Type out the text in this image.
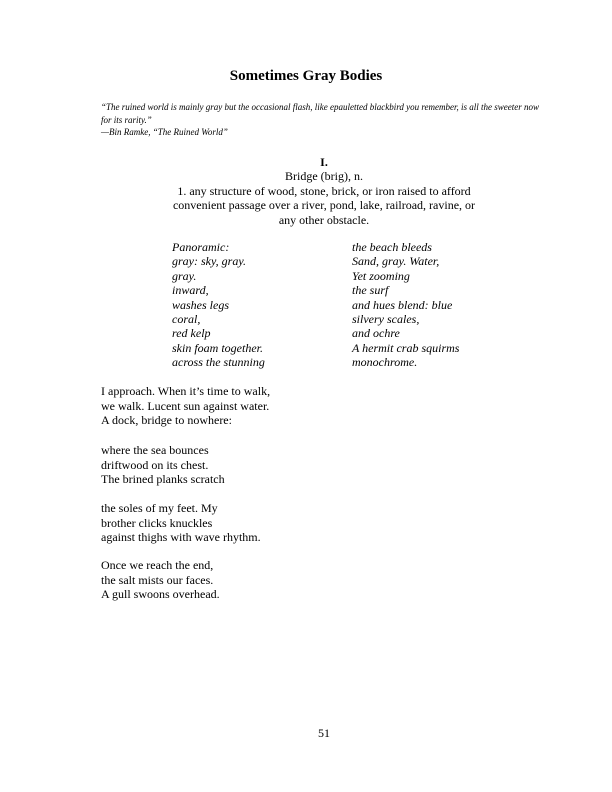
Sometimes Gray Bodies
“The ruined world is mainly gray but the occasional flash, like epauletted blackbird you remember, is all the sweeter now for its rarity.”
—Bin Ramke, “The Ruined World”
I.
Bridge (brig), n.
1. any structure of wood, stone, brick, or iron raised to afford
convenient passage over a river, pond, lake, railroad, ravine, or
any other obstacle.
Panoramic:
gray: sky, gray.
gray.
inward,
washes legs
coral,
red kelp
skin foam together.
across the stunning
the beach bleeds
Sand, gray. Water,
Yet zooming
the surf
and hues blend: blue
silvery scales,
and ochre
A hermit crab squirms
monochrome.
I approach. When it’s time to walk,
we walk. Lucent sun against water.
A dock, bridge to nowhere:
where the sea bounces
driftwood on its chest.
The brined planks scratch
the soles of my feet. My
brother clicks knuckles
against thighs with wave rhythm.
Once we reach the end,
the salt mists our faces.
A gull swoons overhead.
51
